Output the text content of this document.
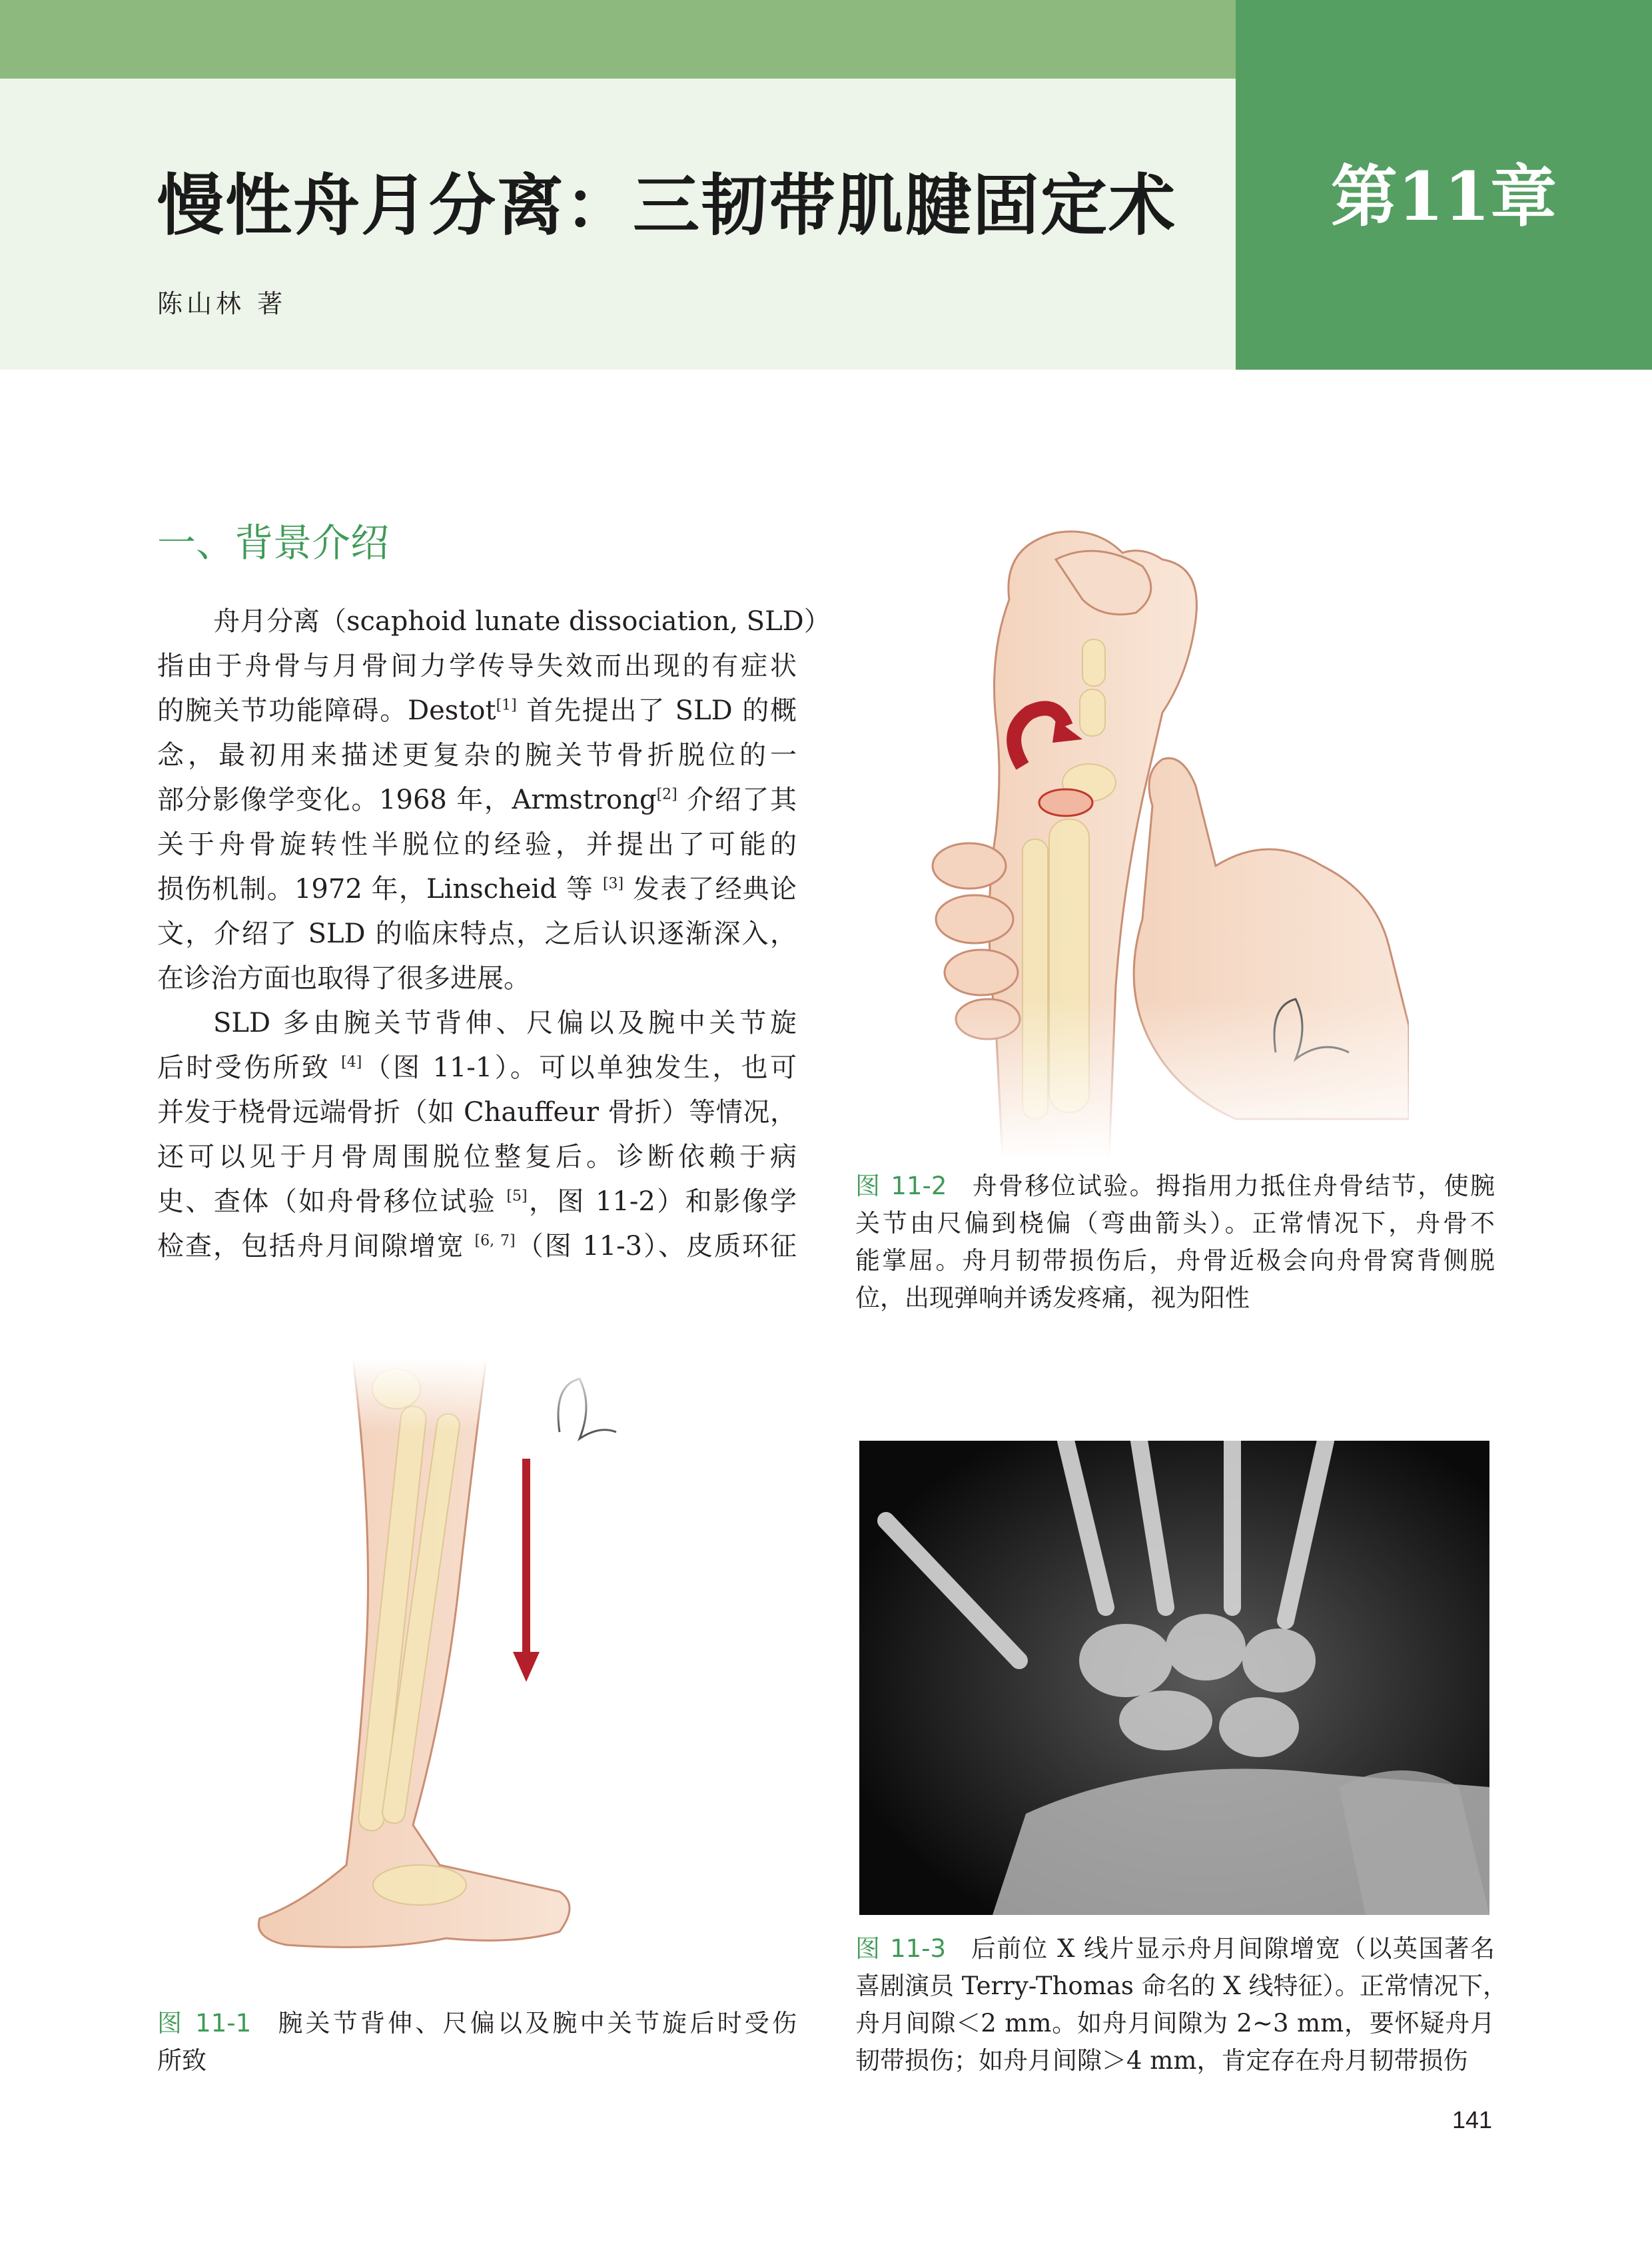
第11章
慢性舟月分离：三韧带肌腱固定术
陈山林 著
一、背景介绍

舟月分离（scaphoid lunate dissociation, SLD）
指由于舟骨与月骨间力学传导失效而出现的有症状
的腕关节功能障碍。Destot[1] 首先提出了 SLD 的概
念，最初用来描述更复杂的腕关节骨折脱位的一
部分影像学变化。1968 年，Armstrong[2] 介绍了其
关于舟骨旋转性半脱位的经验，并提出了可能的
损伤机制。1972 年，Linscheid 等 [3] 发表了经典论
文，介绍了 SLD 的临床特点，之后认识逐渐深入，
在诊治方面也取得了很多进展。

SLD 多由腕关节背伸、尺偏以及腕中关节旋
后时受伤所致 [4]（图 11-1）。可以单独发生，也可
并发于桡骨远端骨折（如 Chauffeur 骨折）等情况，
还可以见于月骨周围脱位整复后。诊断依赖于病
史、查体（如舟骨移位试验 [5]，图 11-2）和影像学
检查，包括舟月间隙增宽 [6, 7]（图 11-3）、皮质环征

图 11-2 舟骨移位试验。拇指用力抵住舟骨结节，使腕
关节由尺偏到桡偏（弯曲箭头）。正常情况下，舟骨不
能掌屈。舟月韧带损伤后，舟骨近极会向舟骨窝背侧脱
位，出现弹响并诱发疼痛，视为阳性
图 11-1 腕关节背伸、尺偏以及腕中关节旋后时受伤
所致
图 11-3 后前位 X 线片显示舟月间隙增宽（以英国著名
喜剧演员 Terry-Thomas 命名的 X 线特征）。正常情况下，
舟月间隙＜2 mm。如舟月间隙为 2~3 mm，要怀疑舟月
韧带损伤；如舟月间隙＞4 mm，肯定存在舟月韧带损伤
141
